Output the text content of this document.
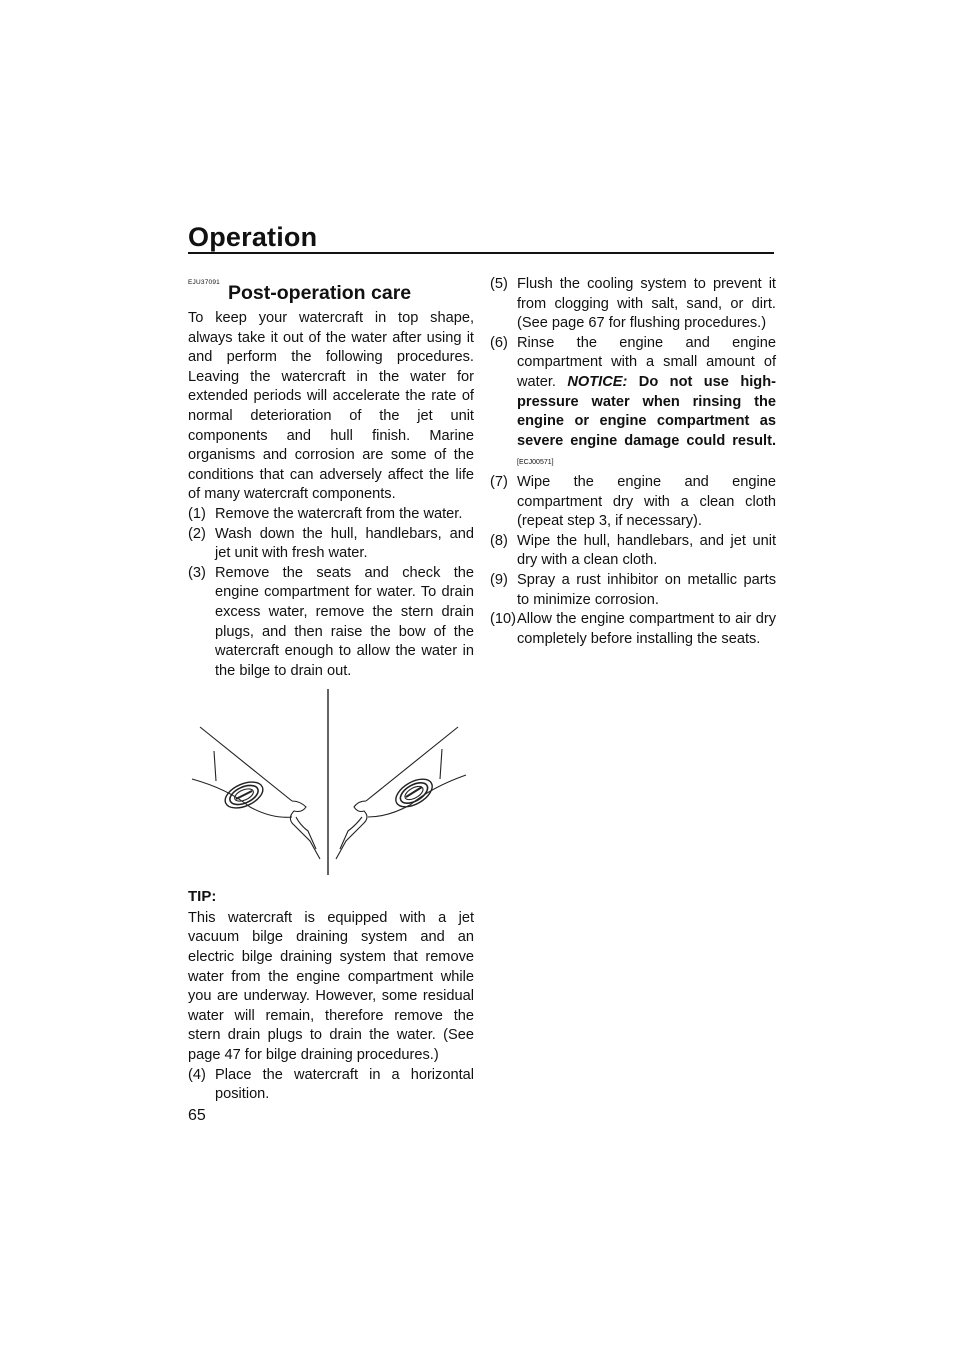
Operation
EJU37091 Post-operation care

To keep your watercraft in top shape, always take it out of the water after using it and perform the following procedures. Leaving the watercraft in the water for extended periods will accelerate the rate of normal deterioration of the jet unit components and hull finish. Marine organisms and corrosion are some of the conditions that can adversely affect the life of many watercraft components.

(1) Remove the watercraft from the water.
(2) Wash down the hull, handlebars, and jet unit with fresh water.
(3) Remove the seats and check the engine compartment for water. To drain excess water, remove the stern drain plugs, and then raise the bow of the watercraft enough to allow the water in the bilge to drain out.
TIP:

This watercraft is equipped with a jet vacuum bilge draining system and an electric bilge draining system that remove water from the engine compartment while you are underway. However, some residual water will remain, therefore remove the stern drain plugs to drain the water. (See page 47 for bilge draining procedures.)

(4) Place the watercraft in a horizontal position.
(5) Flush the cooling system to prevent it from clogging with salt, sand, or dirt. (See page 67 for flushing procedures.)
(6) Rinse the engine and engine compartment with a small amount of water. NOTICE: Do not use high-pressure water when rinsing the engine or engine compartment as severe engine damage could result. [ECJ00571]
(7) Wipe the engine and engine compartment dry with a clean cloth (repeat step 3, if necessary).
(8) Wipe the hull, handlebars, and jet unit dry with a clean cloth.
(9) Spray a rust inhibitor on metallic parts to minimize corrosion.
(10) Allow the engine compartment to air dry completely before installing the seats.
65
